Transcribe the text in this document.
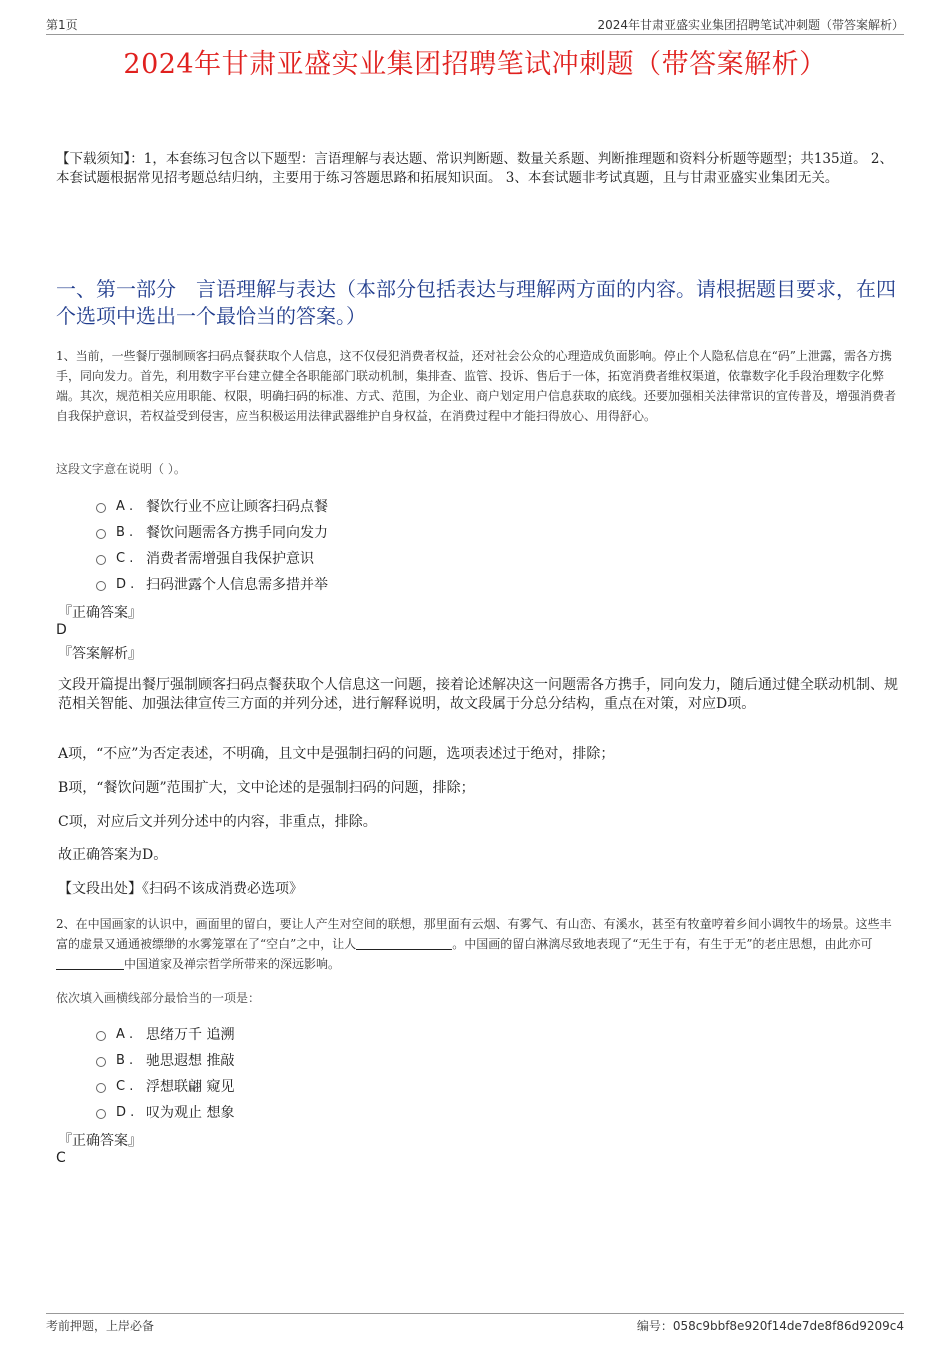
第1页	2024年甘肃亚盛实业集团招聘笔试冲刺题（带答案解析）
2024年甘肃亚盛实业集团招聘笔试冲刺题（带答案解析）
【下载须知】：1，本套练习包含以下题型：言语理解与表达题、常识判断题、数量关系题、判断推理题和资料分析题等题型；共135道。 2、本套试题根据常见招考题总结归纳，主要用于练习答题思路和拓展知识面。 3、本套试题非考试真题，且与甘肃亚盛实业集团无关。
一、第一部分　言语理解与表达（本部分包括表达与理解两方面的内容。请根据题目要求，在四个选项中选出一个最恰当的答案。）
1、当前，一些餐厅强制顾客扫码点餐获取个人信息，这不仅侵犯消费者权益，还对社会公众的心理造成负面影响。停止个人隐私信息在“码”上泄露，需各方携手，同向发力。首先，利用数字平台建立健全各职能部门联动机制，集排查、监管、投诉、售后于一体，拓宽消费者维权渠道，依靠数字化手段治理数字化弊端。其次，规范相关应用职能、权限，明确扫码的标准、方式、范围，为企业、商户划定用户信息获取的底线。还要加强相关法律常识的宣传普及，增强消费者自我保护意识，若权益受到侵害，应当积极运用法律武器维护自身权益，在消费过程中才能扫得放心、用得舒心。
这段文字意在说明（ ）。
A . 餐饮行业不应让顾客扫码点餐
B . 餐饮问题需各方携手同向发力
C . 消费者需增强自我保护意识
D . 扫码泄露个人信息需多措并举
『正确答案』
D
『答案解析』
文段开篇提出餐厅强制顾客扫码点餐获取个人信息这一问题，接着论述解决这一问题需各方携手，同向发力，随后通过健全联动机制、规范相关智能、加强法律宣传三方面的并列分述，进行解释说明，故文段属于分总分结构，重点在对策，对应D项。
A项，“不应”为否定表述，不明确，且文中是强制扫码的问题，选项表述过于绝对，排除；
B项，“餐饮问题”范围扩大，文中论述的是强制扫码的问题，排除；
C项，对应后文并列分述中的内容，非重点，排除。
故正确答案为D。
【文段出处】《扫码不该成消费必选项》
2、在中国画家的认识中，画面里的留白，要让人产生对空间的联想，那里面有云烟、有雾气、有山峦、有溪水，甚至有牧童哼着乡间小调牧牛的场景。这些丰富的虚景又通通被缥缈的水雾笼罩在了“空白”之中，让人	。中国画的留白淋漓尽致地表现了“无生于有，有生于无”的老庄思想，由此亦可中国道家及禅宗哲学所带来的深远影响。
依次填入画横线部分最恰当的一项是：
A . 思绪万千 追溯
B . 驰思遐想 推敲
C . 浮想联翩 窥见
D . 叹为观止 想象
『正确答案』
C
考前押题，上岸必备	编号：058c9bbf8e920f14de7de8f86d9209c4
